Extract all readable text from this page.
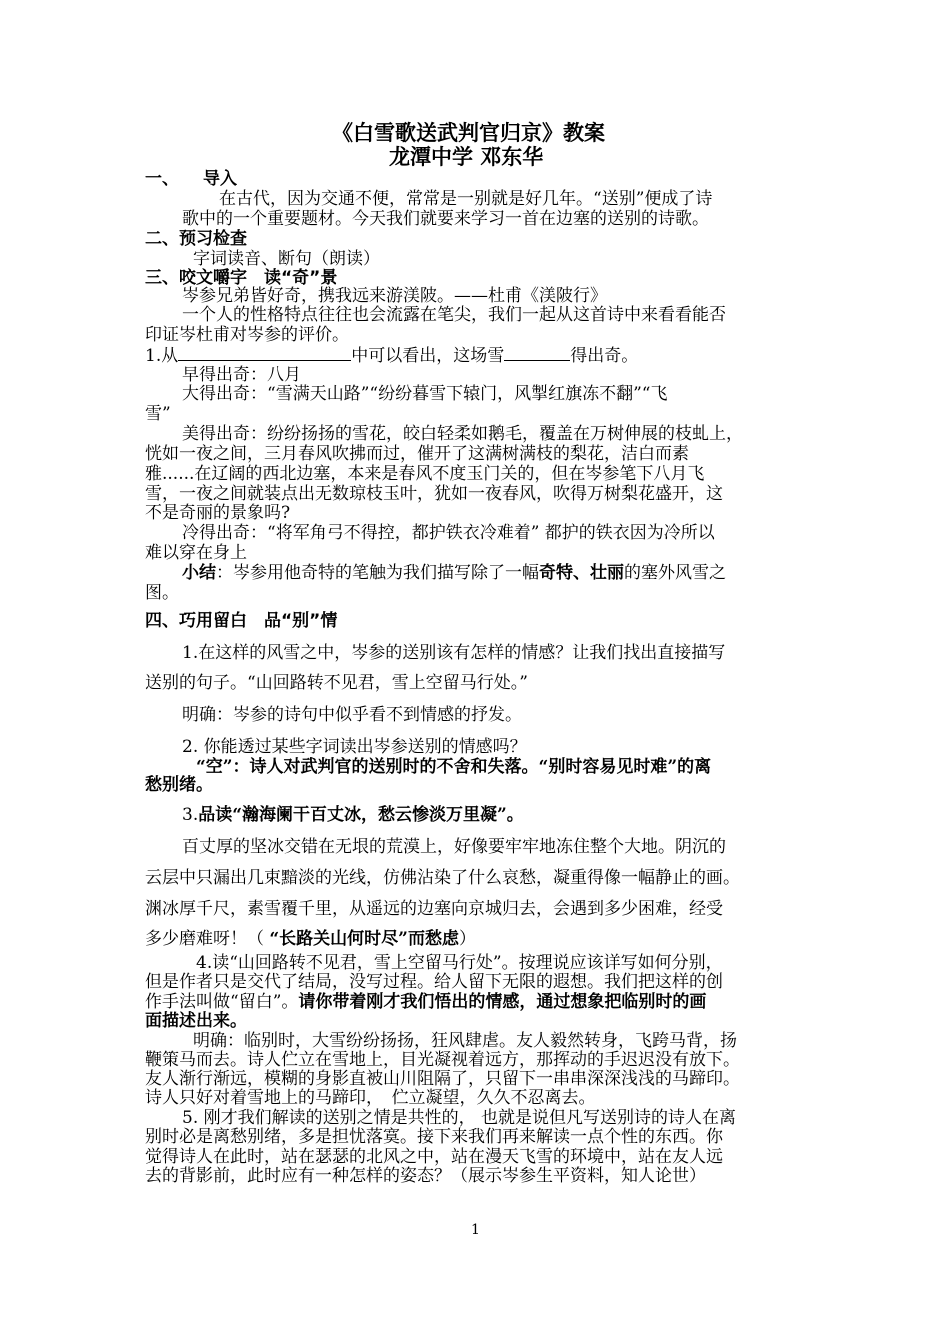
《白雪歌送武判官归京》教案
龙潭中学 邓东华
一、 导入
在古代，因为交通不便，常常是一别就是好几年。“送别”便成了诗
歌中的一个重要题材。今天我们就要来学习一首在边塞的送别的诗歌。
二、预习检查
字词读音、断句（朗读）
三、咬文嚼字　读“奇”景
岑参兄弟皆好奇，携我远来游渼陂。——杜甫《渼陂行》
一个人的性格特点往往也会流露在笔尖，我们一起从这首诗中来看看能否
印证岑杜甫对岑参的评价。
1.从	中可以看出，这场雪	得出奇。
早得出奇：八月
大得出奇：“雪满天山路”“纷纷暮雪下辕门，风掣红旗冻不翻”“飞
雪”
美得出奇：纷纷扬扬的雪花，皎白轻柔如鹅毛，覆盖在万树伸展的枝虬上，
恍如一夜之间，三月春风吹拂而过，催开了这满树满枝的梨花，洁白而素
雅......在辽阔的西北边塞，本来是春风不度玉门关的，但在岑参笔下八月飞
雪，一夜之间就装点出无数琼枝玉叶，犹如一夜春风，吹得万树梨花盛开，这
不是奇丽的景象吗?
冷得出奇：“将军角弓不得控，都护铁衣冷难着” 都护的铁衣因为冷所以
难以穿在身上
小结：岑参用他奇特的笔触为我们描写除了一幅奇特、壮丽的塞外风雪之
图。
四、巧用留白　品“别”情
1.在这样的风雪之中，岑参的送别该有怎样的情感？让我们找出直接描写
送别的句子。“山回路转不见君，雪上空留马行处。”
明确：岑参的诗句中似乎看不到情感的抒发。
2. 你能透过某些字词读出岑参送别的情感吗？
“空”：诗人对武判官的送别时的不舍和失落。“别时容易见时难”的离
愁别绪。
3.品读“瀚海阑干百丈冰，愁云惨淡万里凝”。
百丈厚的坚冰交错在无垠的荒漠上，好像要牢牢地冻住整个大地。阴沉的
云层中只漏出几束黯淡的光线，仿佛沾染了什么哀愁，凝重得像一幅静止的画。
渊冰厚千尺，素雪覆千里，从遥远的边塞向京城归去，会遇到多少困难，经受
多少磨难呀！（ “长路关山何时尽”而愁虑）
4.读“山回路转不见君，雪上空留马行处”。按理说应该详写如何分别，
但是作者只是交代了结局，没写过程。给人留下无限的遐想。我们把这样的创
作手法叫做“留白”。请你带着刚才我们悟出的情感，通过想象把临别时的画
面描述出来。
明确：临别时，大雪纷纷扬扬，狂风肆虐。友人毅然转身，飞跨马背，扬
鞭策马而去。诗人伫立在雪地上，目光凝视着远方，那挥动的手迟迟没有放下。
友人渐行渐远，模糊的身影直被山川阻隔了，只留下一串串深深浅浅的马蹄印。
诗人只好对着雪地上的马蹄印，　伫立凝望，久久不忍离去。
5. 刚才我们解读的送别之情是共性的， 也就是说但凡写送别诗的诗人在离
别时必是离愁别绪，多是担忧落寞。接下来我们再来解读一点个性的东西。你
觉得诗人在此时，站在瑟瑟的北风之中，站在漫天飞雪的环境中，站在友人远
去的背影前，此时应有一种怎样的姿态？（展示岑参生平资料，知人论世）
1
